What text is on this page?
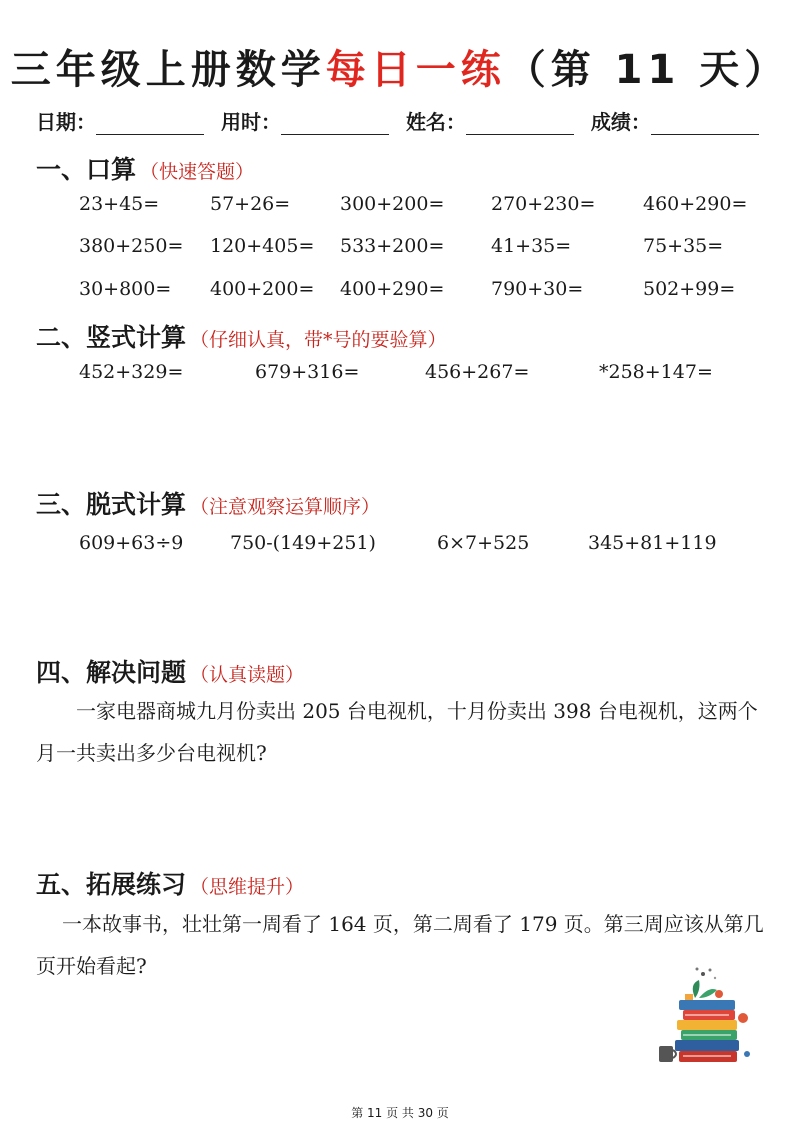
三年级上册数学每日一练（第 11 天）
日期：	用时：	姓名：	成绩：
一、口算 （快速答题）
23+45=	57+26=	300+200= 270+230=	460+290=
380+250= 120+405= 533+200= 41+35=	75+35=
30+800= 400+200= 400+290= 790+30=	502+99=
二、竖式计算 （仔细认真，带*号的要验算）
452+329=	679+316=	456+267=	*258+147=
三、脱式计算 （注意观察运算顺序）
609+63÷9 750-(149+251)	6×7+525	345+81+119
四、解决问题 （认真读题）
一家电器商城九月份卖出 205 台电视机，十月份卖出 398 台电视机，这两个月一共卖出多少台电视机?
五、拓展练习 （思维提升）
一本故事书，壮壮第一周看了 164 页，第二周看了 179 页。第三周应该从第几页开始看起?
第 11 页 共 30 页
